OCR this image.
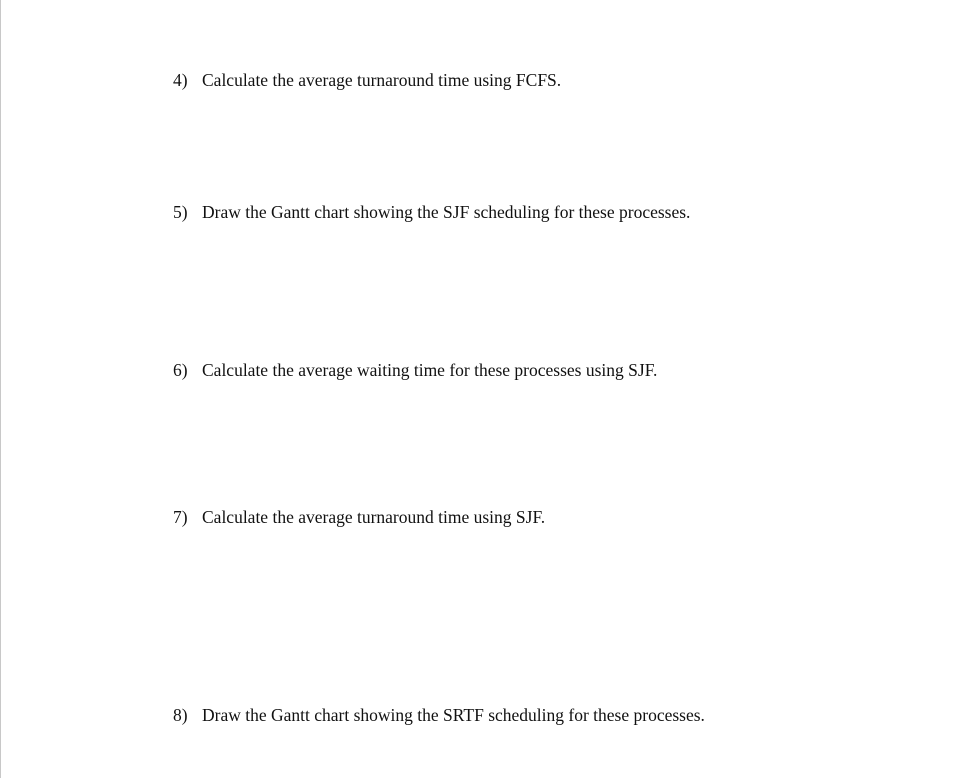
4) Calculate the average turnaround time using FCFS.

5) Draw the Gantt chart showing the SJF scheduling for these processes.

6) Calculate the average waiting time for these processes using SJF.

7) Calculate the average turnaround time using SJF.

8) Draw the Gantt chart showing the SRTF scheduling for these processes.
